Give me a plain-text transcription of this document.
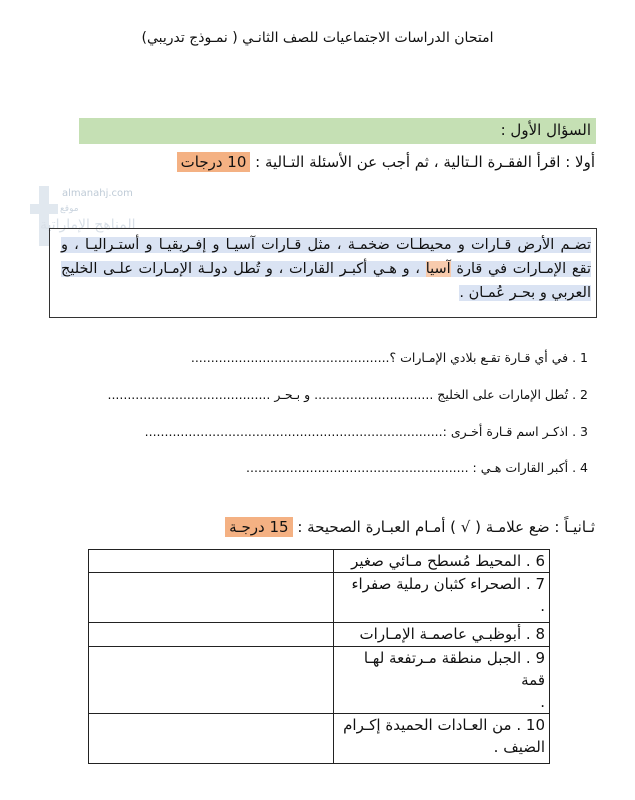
امتحان الدراسات الاجتماعيات للصف الثانـي ( نمـوذج تدريبي)
السؤال الأول :
أولا : اقرأ الفقـرة الـتالية ، ثم أجب عن الأسئلة التـالية : 10 درجات
almanahj.com
موقع
المناهج الإماراتية
تضـم الأرض قـارات و محيطـات ضخمـة ، مثل قـارات آسيـا و إفـريقيـا و أستـراليـا ، و تقع الإمـارات في قارة آسيا ، و هـي أكبـر القارات ، و تُطل دولـة الإمـارات علـى الخليج العربي و بحـر عُمـان .
1 . في أي قـارة تقـع بلادي الإمـارات ؟..................................................
2 . تُطل الإمارات على الخليج .............................. و بـحـر .........................................
3 . اذكـر اسم قـارة أخـرى :...........................................................................
4 . أكبر القارات هـي : ........................................................
ثـانيـاً : ضع علامـة ( √ ) أمـام العبـارة الصحيحة : 15 درجـة
	6 . المحيط مُسطح مـائي صغير

	7 . الصحراء كثبان رملية صفراء
.

	8 . أبوظبـي عاصمـة الإمـارات

	9 . الجبل منطقة مـرتفعة لهـا قمة
.

	10 . من العـادات الحميدة إكـرام
الضيف .
